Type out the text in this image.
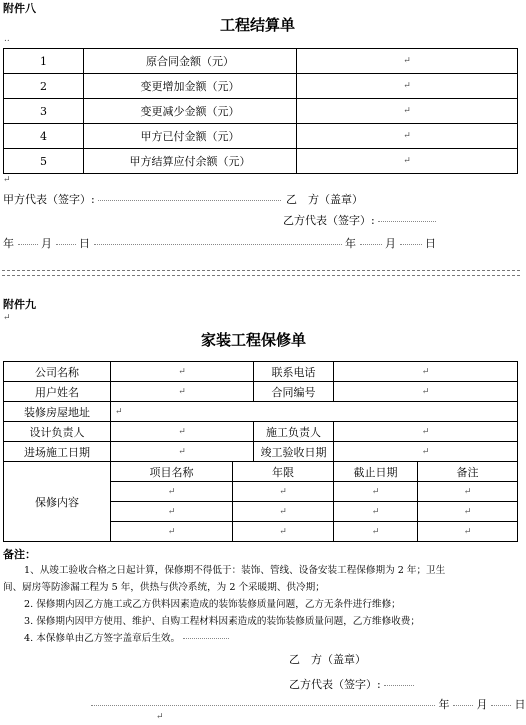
附件八
工程结算单
..
1	原合同金额（元）	↵
2	变更增加金额（元）	↵
3	变更减少金额（元）	↵
4	甲方已付金额（元）	↵
5	甲方结算应付余额（元）	↵
↵
甲方代表（签字）:	乙　方（盖章）
乙方代表（签字）:
年 月 日	年	月	日
附件九
↵
家装工程保修单
公司名称	↵		联系电话	↵	
用户姓名	↵		合同编号	↵	
装修房屋地址	↵				
设计负责人	↵		施工负责人	↵	
进场施工日期	↵		竣工验收日期	↵	
保修内容	项目名称	年限		截止日期	备注
	↵	↵		↵	↵
	↵	↵		↵	↵
	↵	↵		↵	↵
备注：
1、从竣工验收合格之日起计算，保修期不得低于：装饰、管线、设备安装工程保修期为 2 年；卫生
间、厨房等防渗漏工程为 5 年，供热与供冷系统，为 2 个采暖期、供冷期；
2. 保修期内因乙方施工或乙方供料因素造成的装饰装修质量问题，乙方无条件进行维修；
3. 保修期内因甲方使用、维护、自购工程材料因素造成的装饰装修质量问题，乙方维修收费；
4. 本保修单由乙方签字盖章后生效。
乙　方（盖章）
乙方代表（签字）:
年 月 日
↵
